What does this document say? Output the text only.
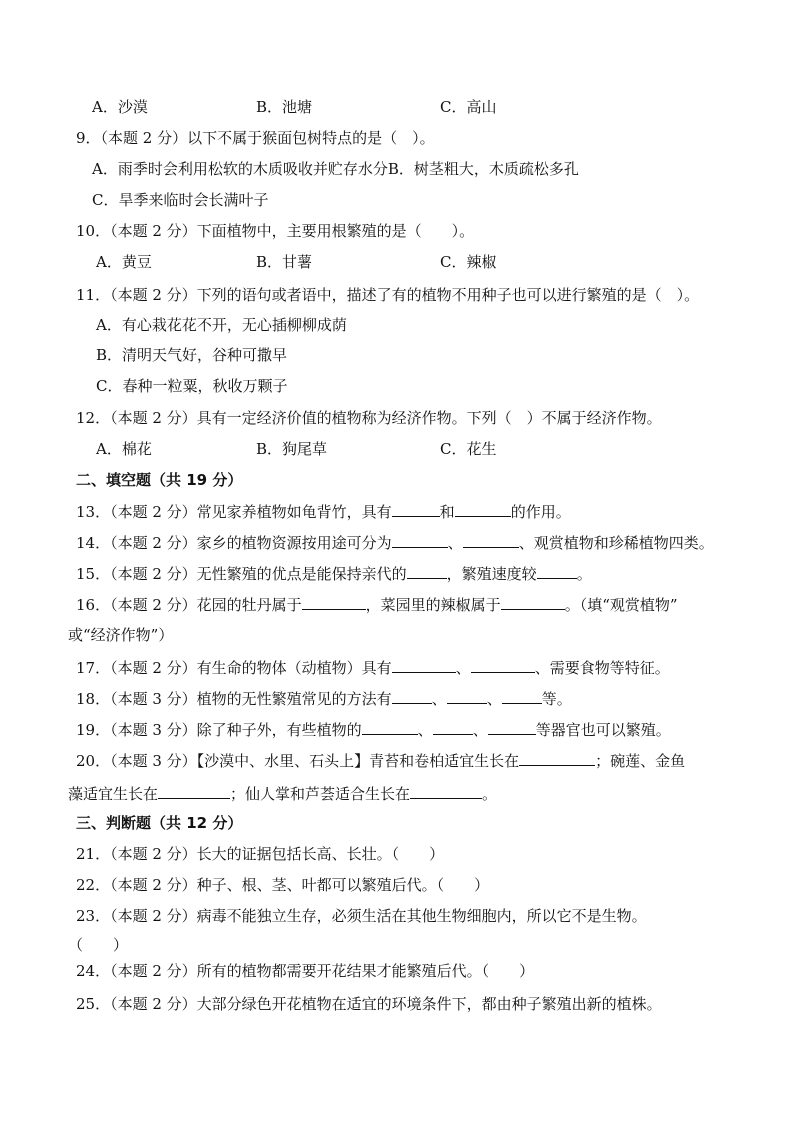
A．沙漠	B．池塘	C．高山
9．（本题 2 分）以下不属于猴面包树特点的是（　）。
A．雨季时会利用松软的木质吸收并贮存水分B．树茎粗大，木质疏松多孔
C．旱季来临时会长满叶子
10．（本题 2 分）下面植物中，主要用根繁殖的是（　　）。
A．黄豆	B．甘薯	C．辣椒
11．（本题 2 分）下列的语句或者语中，描述了有的植物不用种子也可以进行繁殖的是（　）。
A．有心栽花花不开，无心插柳柳成荫
B．清明天气好，谷种可撒早
C．春种一粒粟，秋收万颗子
12．（本题 2 分）具有一定经济价值的植物称为经济作物。下列（　）不属于经济作物。
A．棉花	B．狗尾草	C．花生
二、填空题（共 19 分）
13．（本题 2 分）常见家养植物如龟背竹，具有	和	的作用。
14．（本题 2 分）家乡的植物资源按用途可分为	、	、观赏植物和珍稀植物四类。
15．（本题 2 分）无性繁殖的优点是能保持亲代的	，繁殖速度较	。
16．（本题 2 分）花园的牡丹属于	，菜园里的辣椒属于	。（填“观赏植物”
或“经济作物”）
17．（本题 2 分）有生命的物体（动植物）具有	、	、需要食物等特征。
18．（本题 3 分）植物的无性繁殖常见的方法有	、	、	等。
19．（本题 3 分）除了种子外，有些植物的	、	、	等器官也可以繁殖。
20．（本题 3 分）【沙漠中、水里、石头上】青苔和卷柏适宜生长在	；碗莲、金鱼
藻适宜生长在	；仙人掌和芦荟适合生长在	。
三、判断题（共 12 分）
21．（本题 2 分）长大的证据包括长高、长壮。（　　）
22．（本题 2 分）种子、根、茎、叶都可以繁殖后代。（　　）
23．（本题 2 分）病毒不能独立生存，必须生活在其他生物细胞内，所以它不是生物。
（　　）
24．（本题 2 分）所有的植物都需要开花结果才能繁殖后代。（　　）
25．（本题 2 分）大部分绿色开花植物在适宜的环境条件下，都由种子繁殖出新的植株。
